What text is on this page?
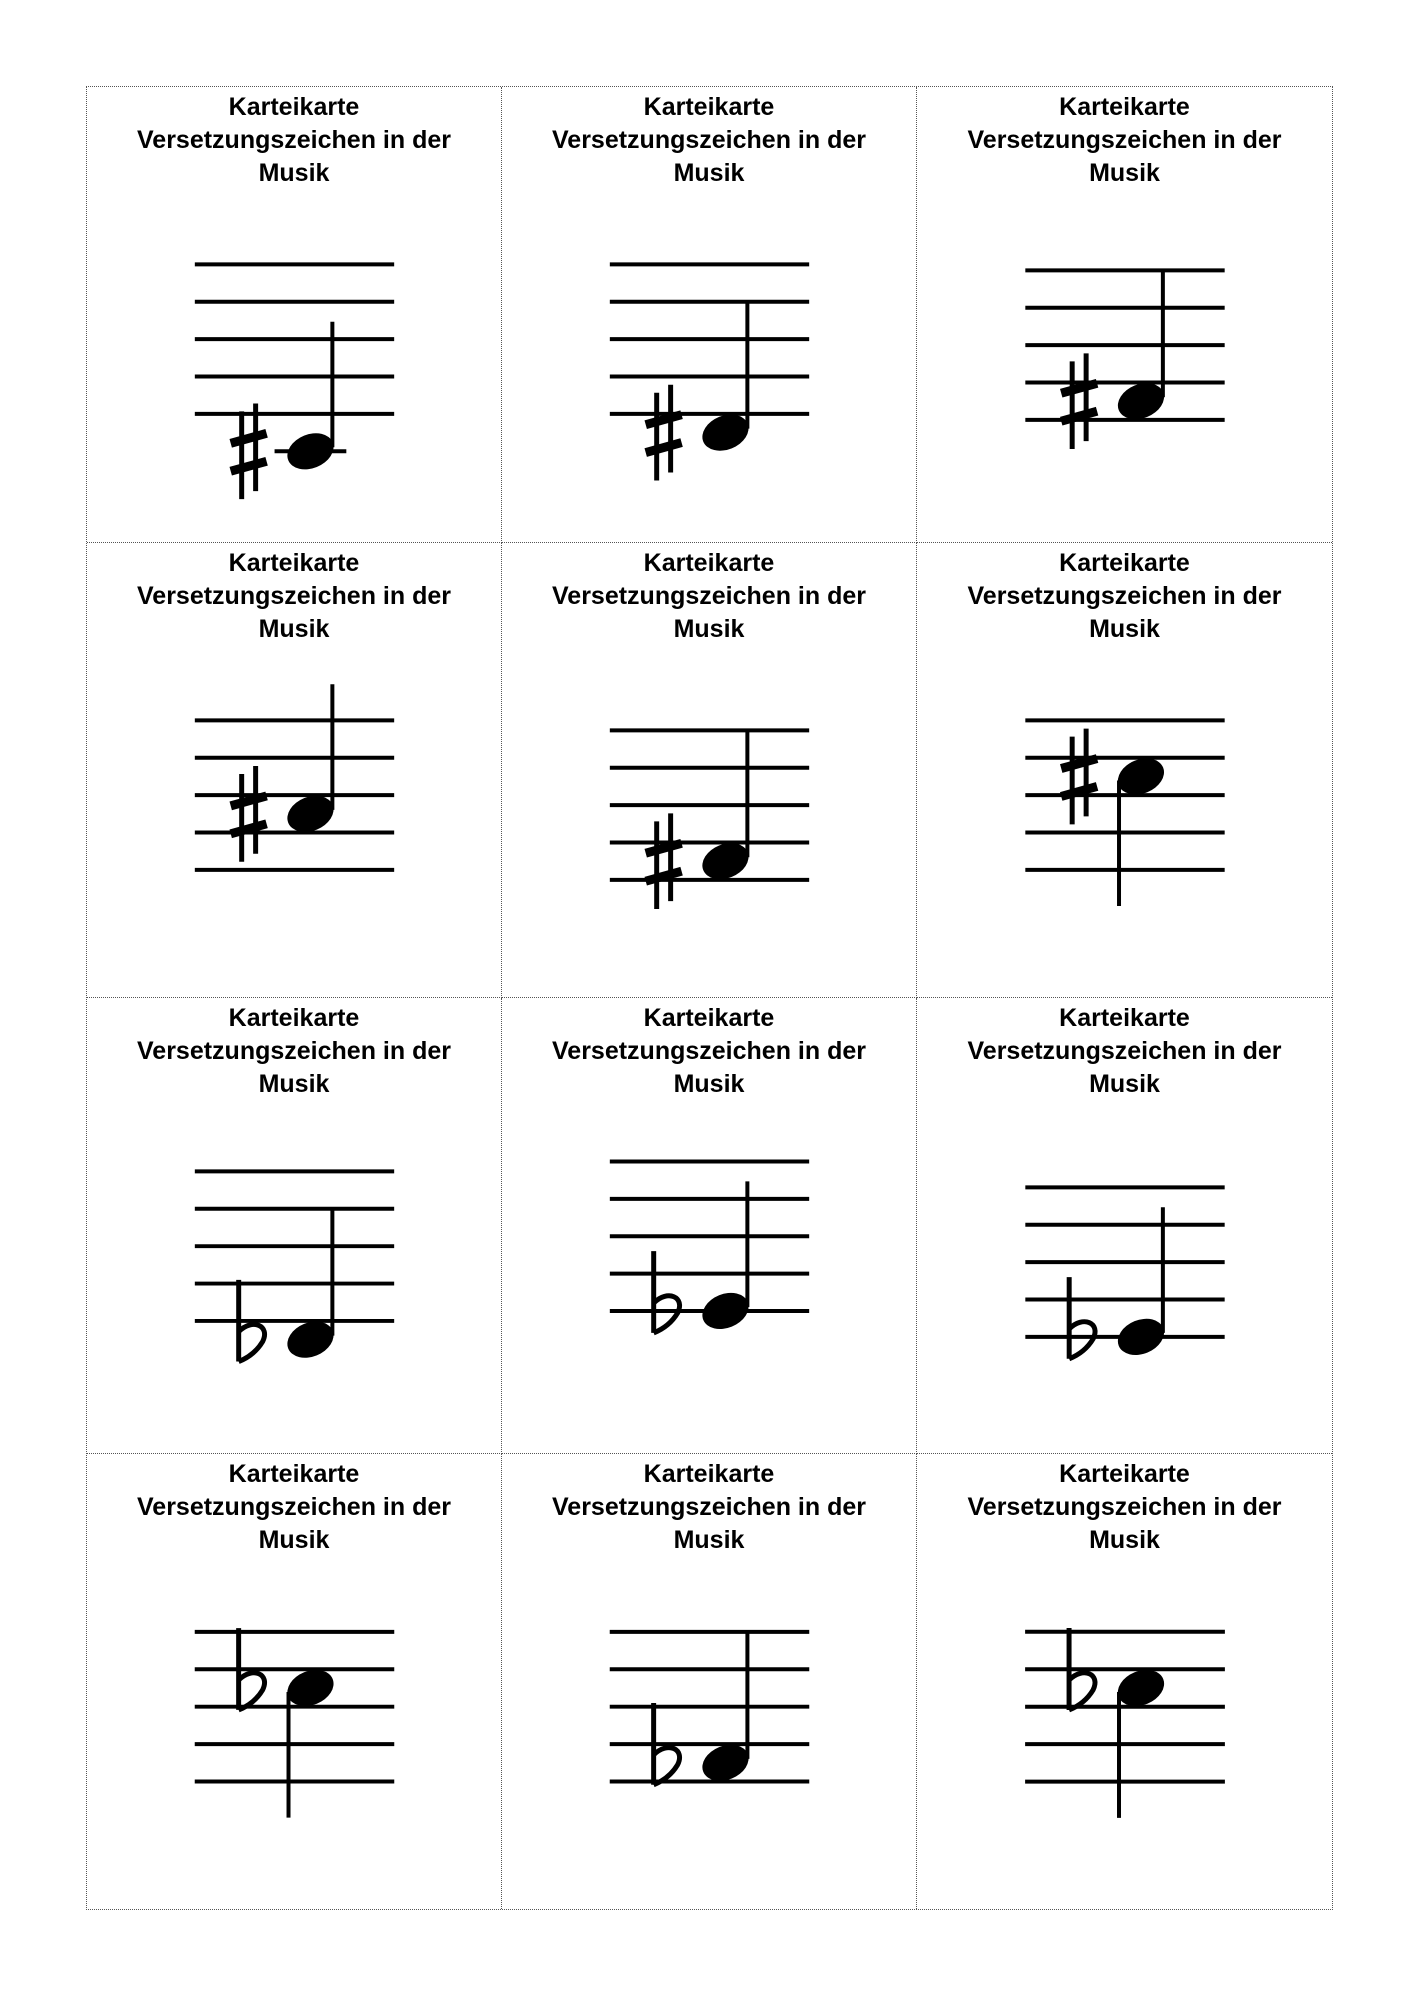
Karteikarte
Versetzungszeichen in der
Musik
Karteikarte
Versetzungszeichen in der
Musik
Karteikarte
Versetzungszeichen in der
Musik
Karteikarte
Versetzungszeichen in der
Musik
Karteikarte
Versetzungszeichen in der
Musik
Karteikarte
Versetzungszeichen in der
Musik
Karteikarte
Versetzungszeichen in der
Musik
Karteikarte
Versetzungszeichen in der
Musik
Karteikarte
Versetzungszeichen in der
Musik
Karteikarte
Versetzungszeichen in der
Musik
Karteikarte
Versetzungszeichen in der
Musik
Karteikarte
Versetzungszeichen in der
Musik
